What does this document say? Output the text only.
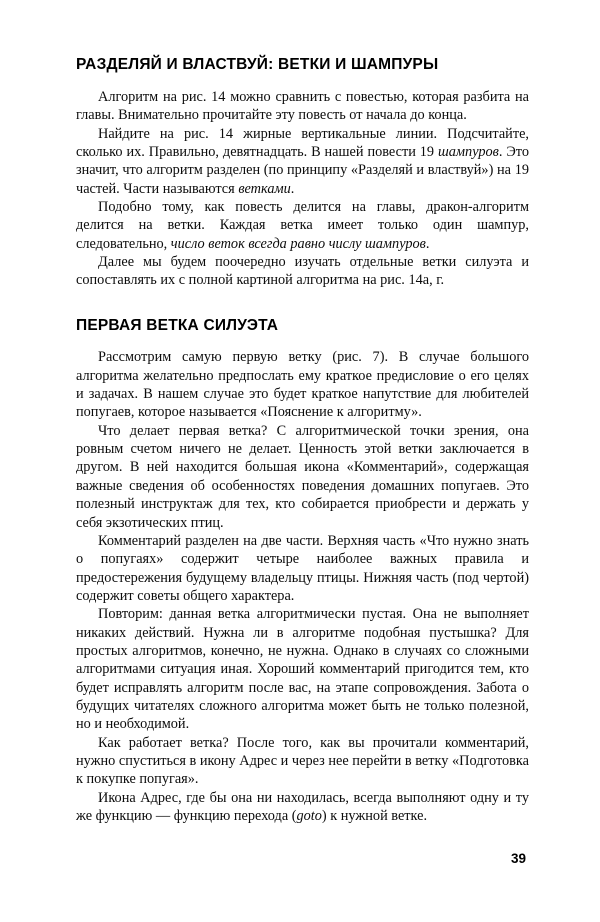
РАЗДЕЛЯЙ И ВЛАСТВУЙ: ВЕТКИ И ШАМПУРЫ

Алгоритм на рис. 14 можно сравнить с повестью, которая разбита на главы. Внимательно прочитайте эту повесть от начала до конца.

Найдите на рис. 14 жирные вертикальные линии. Подсчитайте, сколько их. Правильно, девятнадцать. В нашей повести 19 шампуров. Это значит, что алгоритм разделен (по принципу «Разделяй и властвуй») на 19 частей. Части называются ветками.

Подобно тому, как повесть делится на главы, дракон-алгоритм делится на ветки. Каждая ветка имеет только один шампур, следовательно, число веток всегда равно числу шампуров.

Далее мы будем поочередно изучать отдельные ветки силуэта и сопоставлять их с полной картиной алгоритма на рис. 14а, г.

ПЕРВАЯ ВЕТКА СИЛУЭТА

Рассмотрим самую первую ветку (рис. 7). В случае большого алгоритма желательно предпослать ему краткое предисловие о его целях и задачах. В нашем случае это будет краткое напутствие для любителей попугаев, которое называется «Пояснение к алгоритму».

Что делает первая ветка? С алгоритмической точки зрения, она ровным счетом ничего не делает. Ценность этой ветки заключается в другом. В ней находится большая икона «Комментарий», содержащая важные сведения об особенностях поведения домашних попугаев. Это полезный инструктаж для тех, кто собирается приобрести и держать у себя экзотических птиц.

Комментарий разделен на две части. Верхняя часть «Что нужно знать о попугаях» содержит четыре наиболее важных правила и предостережения будущему владельцу птицы. Нижняя часть (под чертой) содержит советы общего характера.

Повторим: данная ветка алгоритмически пустая. Она не выполняет никаких действий. Нужна ли в алгоритме подобная пустышка? Для простых алгоритмов, конечно, не нужна. Однако в случаях со сложными алгоритмами ситуация иная. Хороший комментарий пригодится тем, кто будет исправлять алгоритм после вас, на этапе сопровождения. Забота о будущих читателях сложного алгоритма может быть не только полезной, но и необходимой.

Как работает ветка? После того, как вы прочитали комментарий, нужно спуститься в икону Адрес и через нее перейти в ветку «Подготовка к покупке попугая».

Икона Адрес, где бы она ни находилась, всегда выполняют одну и ту же функцию — функцию перехода (goto) к нужной ветке.

39
